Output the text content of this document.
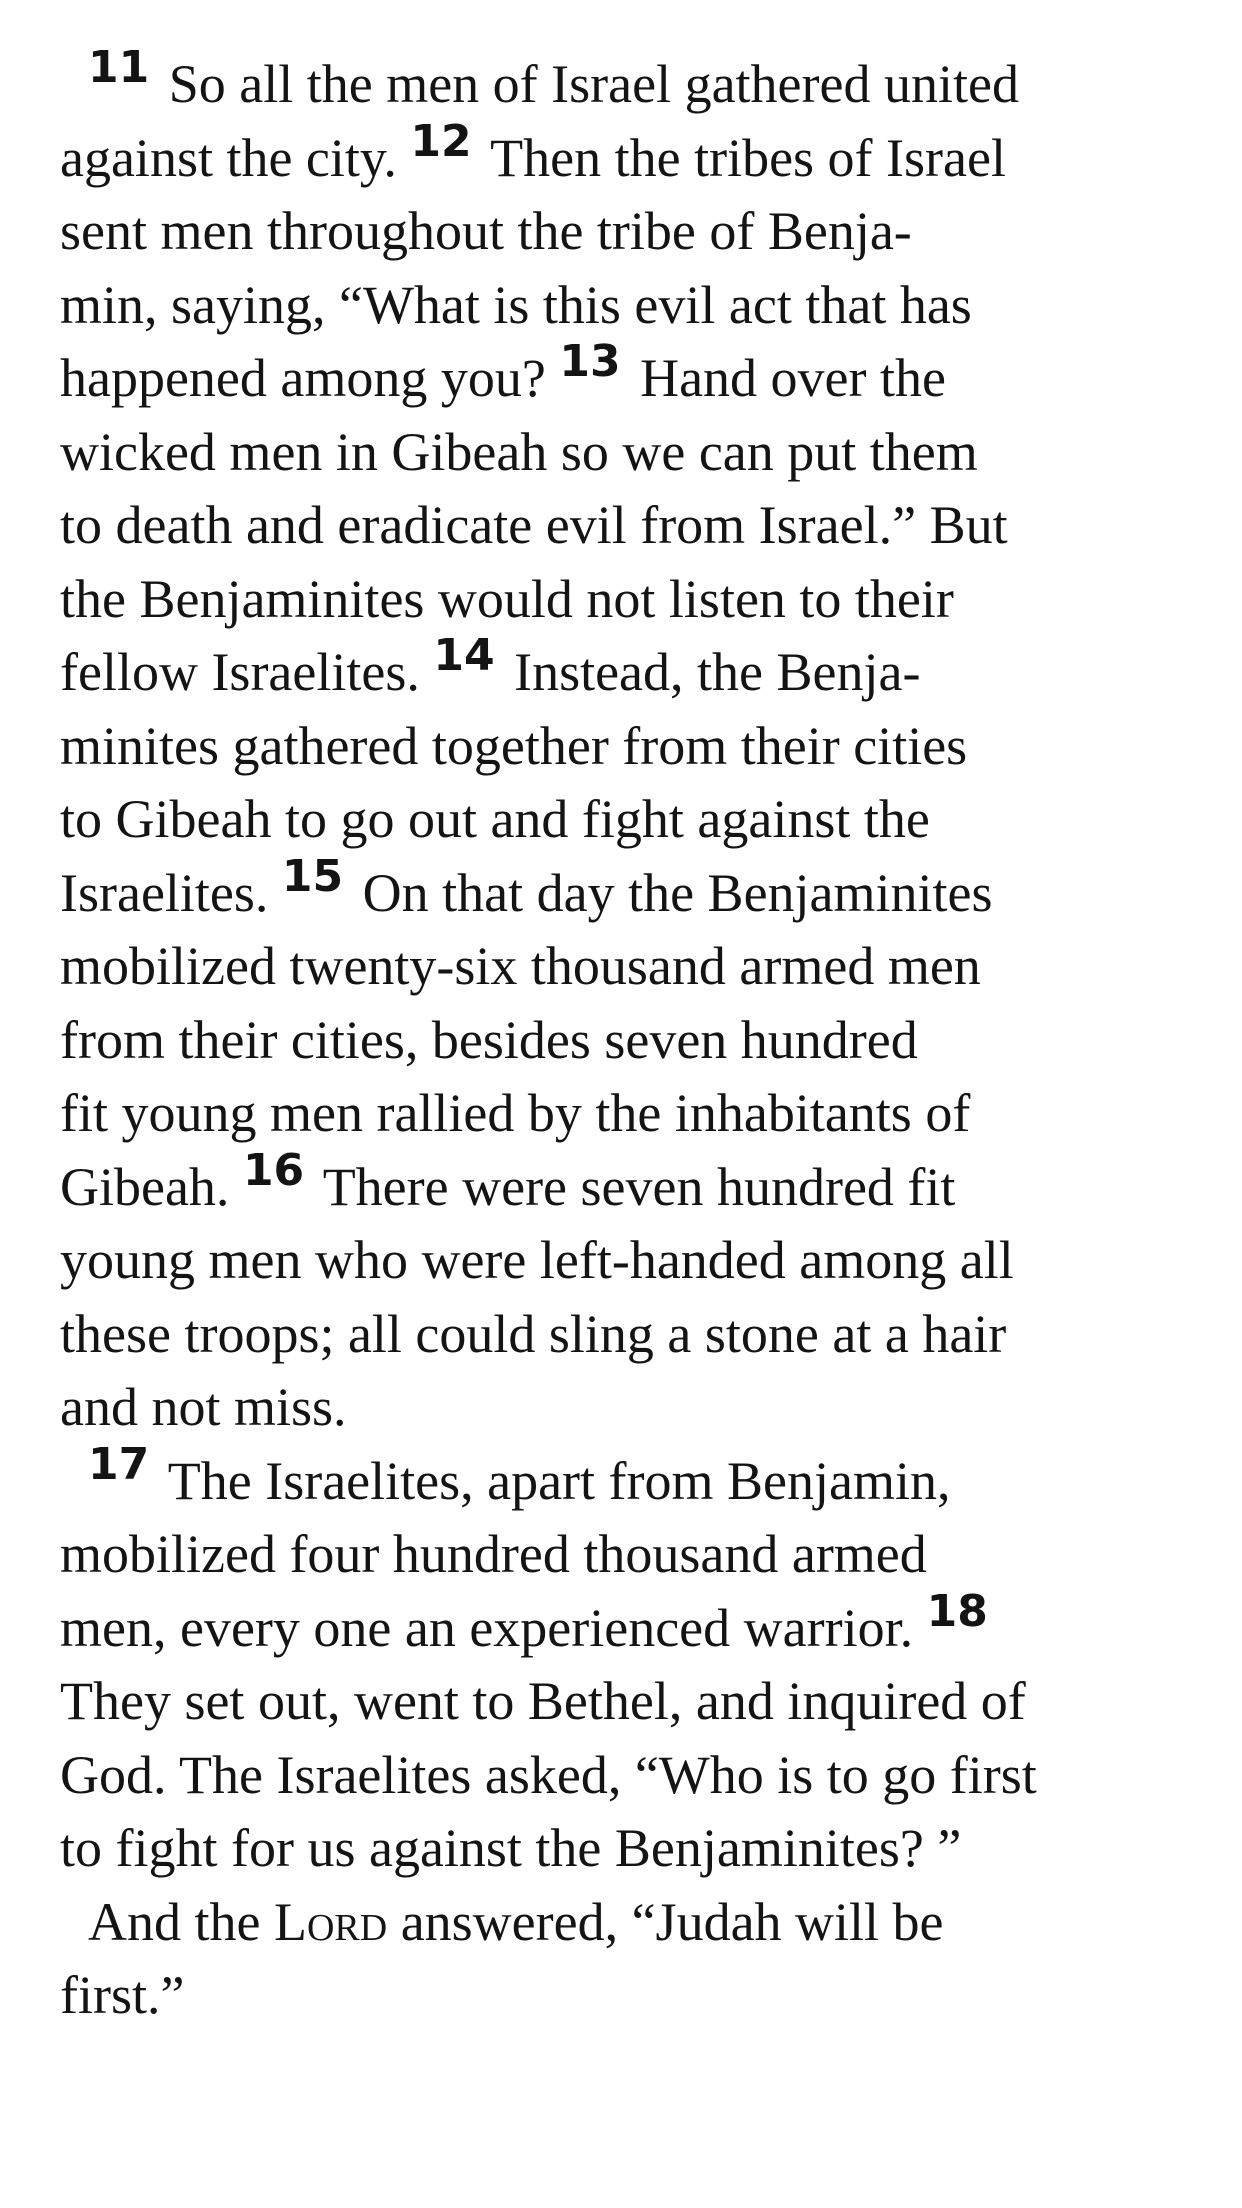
$^{11}$ So all the men of Israel gathered united
against the city. $^{12}$ Then the tribes of Israel
sent men throughout the tribe of Benja-
min, saying, “What is this evil act that has
happened among you? $^{13}$ Hand over the
wicked men in Gibeah so we can put them
to death and eradicate evil from Israel.” But
the Benjaminites would not listen to their
fellow Israelites. $^{14}$ Instead, the Benja-
minites gathered together from their cities
to Gibeah to go out and fight against the
Israelites. $^{15}$ On that day the Benjaminites
mobilized twenty-six thousand armed men
from their cities, besides seven hundred
fit young men rallied by the inhabitants of
Gibeah. $^{16}$ There were seven hundred fit
young men who were left-handed among all
these troops; all could sling a stone at a hair
and not miss.
$^{17}$ The Israelites, apart from Benjamin,
mobilized four hundred thousand armed
men, every one an experienced warrior. $^{18}$
They set out, went to Bethel, and inquired of
God. The Israelites asked, “Who is to go first
to fight for us against the Benjaminites? ”
And the Lord answered, “Judah will be
first.”
